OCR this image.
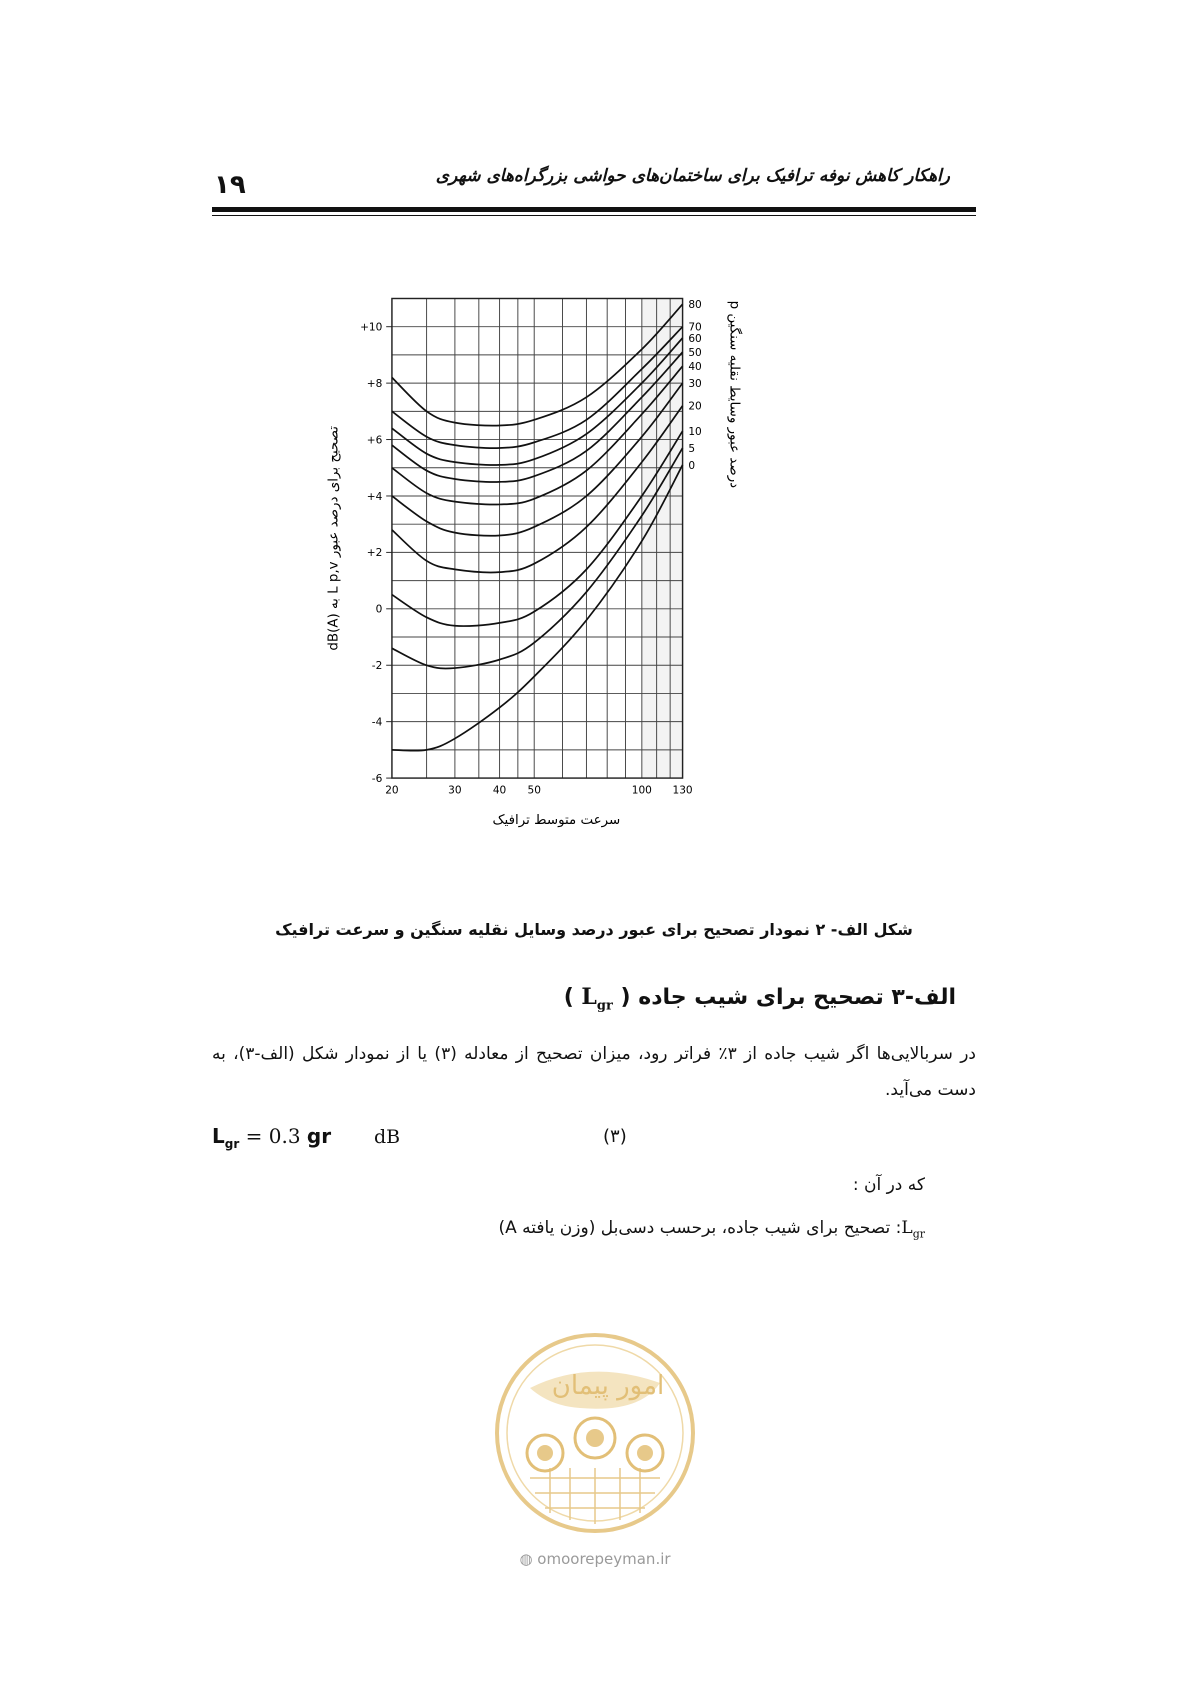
راهکار کاهش نوفه ترافیک برای ساختمان‌های حواشی بزرگراه‌های شهری
۱۹
0
5
10
20
30
40
50
60
70
80
-6
-4
-2
0
+2
+4
+6
+8
+10
20	30	40 50	100 130
تصحیح برای درصد عبور L p,v به dB(A)
درصد عبور وسایط نقلیه سنگین p
سرعت متوسط ترافیک
شکل الف- ۲ نمودار تصحیح برای عبور درصد وسایل نقلیه سنگین و سرعت ترافیک
الف-۳ تصحیح برای شیب جاده ( $L_{gr}$ )
در سربالایی‌ها اگر شیب جاده از ۳٪ فراتر رود، میزان تصحیح از معادله (۳) یا از نمودار شکل (الف-۳)، به دست می‌آید.
$L_{gr} = 0.3$ gr dB	(۳)
که در آن :
$L_{gr}$: تصحیح برای شیب جاده، برحسب دسی‌بل (وزن یافته A)
امور پیمان
◍ omoorepeyman.ir
